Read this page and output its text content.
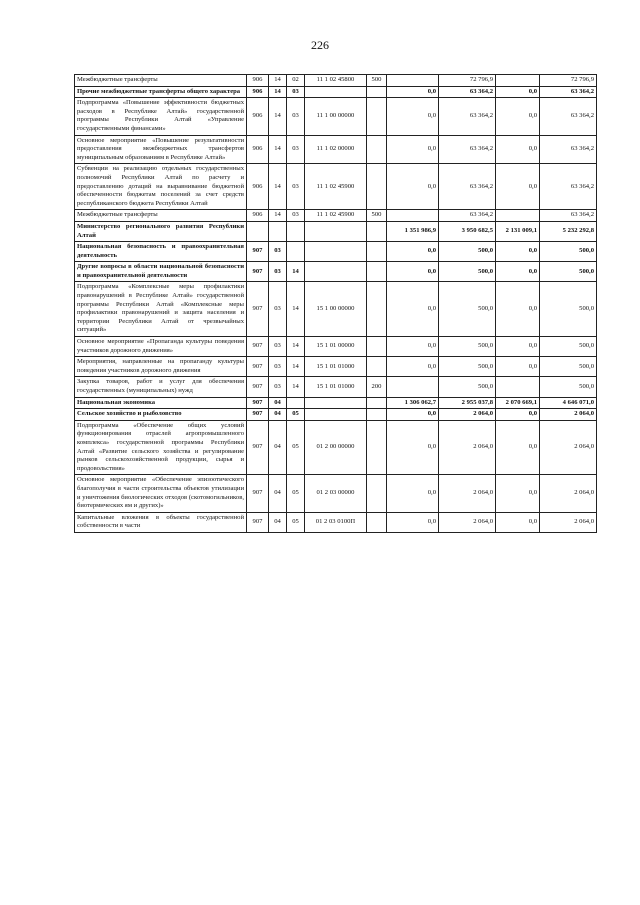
226
Межбюджетные трансферты	906	14	02	11 1 02 45800	500		72 796,9		72 796,9
Прочие межбюджетные трансферты общего характера	906	14	03			0,0	63 364,2	0,0	63 364,2
Подпрограмма «Повышение эффективности бюджетных расходов в Республике Алтай» государственной программы Республики Алтай «Управление государственными финансами»	906	14	03	11 1 00 00000		0,0	63 364,2	0,0	63 364,2
Основное мероприятие «Повышение результативности предоставления межбюджетных трансфертов муниципальным образованиям в Республике Алтай»	906	14	03	11 1 02 00000		0,0	63 364,2	0,0	63 364,2
Субвенции на реализацию отдельных государственных полномочий Республики Алтай по расчету и предоставлению дотаций на выравнивание бюджетной обеспеченности бюджетам поселений за счет средств республиканского бюджета Республики Алтай	906	14	03	11 1 02 45900		0,0	63 364,2	0,0	63 364,2
Межбюджетные трансферты	906	14	03	11 1 02 45900	500		63 364,2		63 364,2
Министерство регионального развития Республики Алтай						1 351 986,9	3 950 682,5	2 131 009,1	5 232 292,8
Национальная безопасность и правоохранительная деятельность	907	03				0,0	500,0	0,0	500,0
Другие вопросы в области национальной безопасности и правоохранительной деятельности	907	03	14			0,0	500,0	0,0	500,0
Подпрограмма «Комплексные меры профилактики правонарушений в Республике Алтай» государственной программы Республики Алтай «Комплексные меры профилактики правонарушений и защита населения и территории Республики Алтай от чрезвычайных ситуаций»	907	03	14	15 1 00 00000		0,0	500,0	0,0	500,0
Основное мероприятие «Пропаганда культуры поведения участников дорожного движения»	907	03	14	15 1 01 00000		0,0	500,0	0,0	500,0
Мероприятия, направленные на пропаганду культуры поведения участников дорожного движения	907	03	14	15 1 01 01000		0,0	500,0	0,0	500,0
Закупка товаров, работ и услуг для обеспечения государственных (муниципальных) нужд	907	03	14	15 1 01 01000	200		500,0		500,0
Национальная экономика	907	04				1 306 062,7	2 955 037,8	2 070 669,1	4 646 071,0
Сельское хозяйство и рыболовство	907	04	05			0,0	2 064,0	0,0	2 064,0
Подпрограмма «Обеспечение общих условий функционирования отраслей агропромышленного комплекса» государственной программы Республики Алтай «Развитие сельского хозяйства и регулирование рынков сельскохозяйственной продукции, сырья и продовольствия»	907	04	05	01 2 00 00000		0,0	2 064,0	0,0	2 064,0
Основное мероприятие «Обеспечение эпизоотического благополучия в части строительства объектов утилизации и уничтожения биологических отходов (скотомогильников, биотермических ям и других)»	907	04	05	01 2 03 00000		0,0	2 064,0	0,0	2 064,0
Капитальные вложения в объекты государственной собственности в части	907	04	05	01 2 03 0100П		0,0	2 064,0	0,0	2 064,0
